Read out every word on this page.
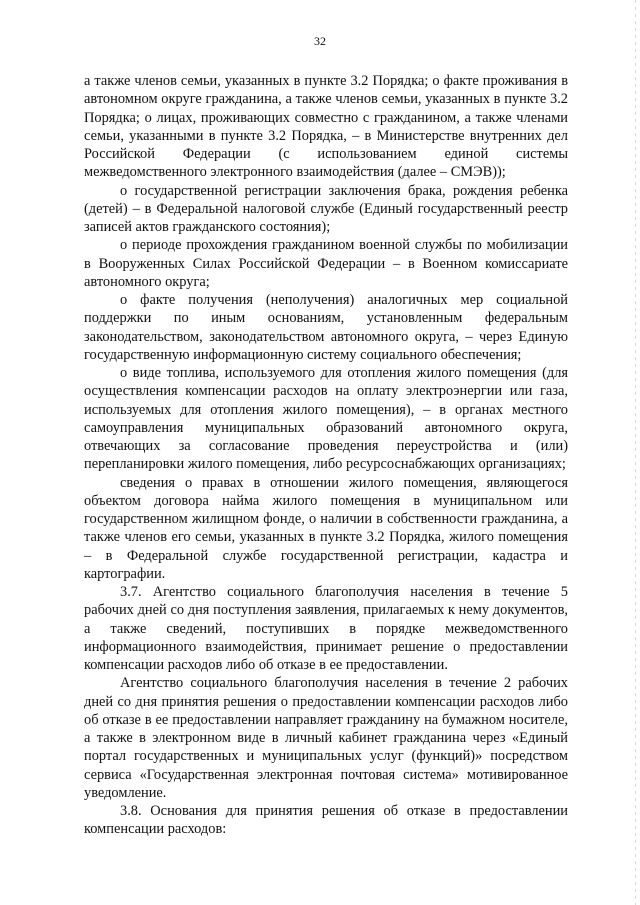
32

а также членов семьи, указанных в пункте 3.2 Порядка; о факте проживания в автономном округе гражданина, а также членов семьи, указанных в пункте 3.2 Порядка; о лицах, проживающих совместно с гражданином, а также членами семьи, указанными в пункте 3.2 Порядка, – в Министерстве внутренних дел Российской Федерации (с использованием единой системы межведомственного электронного взаимодействия (далее – СМЭВ));

о государственной регистрации заключения брака, рождения ребенка (детей) – в Федеральной налоговой службе (Единый государственный реестр записей актов гражданского состояния);

о периоде прохождения гражданином военной службы по мобилизации в Вооруженных Силах Российской Федерации – в Военном комиссариате автономного округа;

о факте получения (неполучения) аналогичных мер социальной поддержки по иным основаниям, установленным федеральным законодательством, законодательством автономного округа, – через Единую государственную информационную систему социального обеспечения;

о виде топлива, используемого для отопления жилого помещения (для осуществления компенсации расходов на оплату электроэнергии или газа, используемых для отопления жилого помещения), – в органах местного самоуправления муниципальных образований автономного округа, отвечающих за согласование проведения переустройства и (или) перепланировки жилого помещения, либо ресурсоснабжающих организациях;

сведения о правах в отношении жилого помещения, являющегося объектом договора найма жилого помещения в муниципальном или государственном жилищном фонде, о наличии в собственности гражданина, а также членов его семьи, указанных в пункте 3.2 Порядка, жилого помещения – в Федеральной службе государственной регистрации, кадастра и картографии.

3.7. Агентство социального благополучия населения в течение 5 рабочих дней со дня поступления заявления, прилагаемых к нему документов, а также сведений, поступивших в порядке межведомственного информационного взаимодействия, принимает решение о предоставлении компенсации расходов либо об отказе в ее предоставлении.

Агентство социального благополучия населения в течение 2 рабочих дней со дня принятия решения о предоставлении компенсации расходов либо об отказе в ее предоставлении направляет гражданину на бумажном носителе, а также в электронном виде в личный кабинет гражданина через «Единый портал государственных и муниципальных услуг (функций)» посредством сервиса «Государственная электронная почтовая система» мотивированное уведомление.

3.8. Основания для принятия решения об отказе в предоставлении компенсации расходов:
